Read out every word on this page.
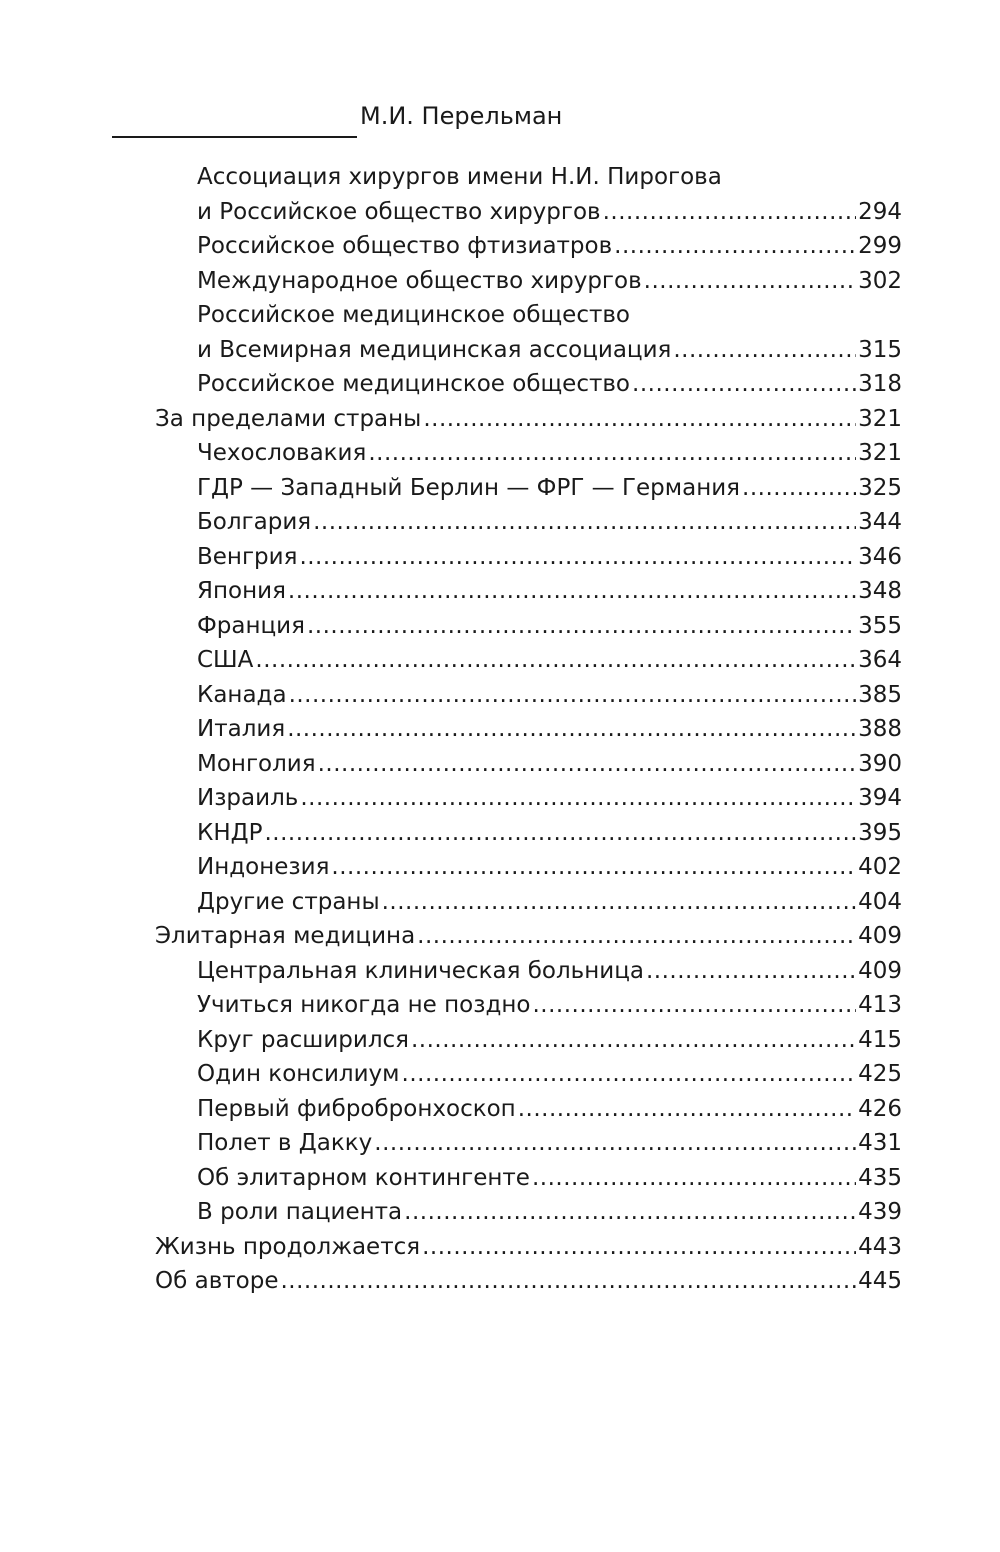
М.И. Перельман
Ассоциация хирургов имени Н.И. Пирогова
и Российское общество хирургов .....	294
Российское общество фтизиатров .....	299
Международное общество хирургов .....	302
Российское медицинское общество
и Всемирная медицинская ассоциация .....	315
Российское медицинское общество .....	318
За пределами страны .....	321
Чехословакия .....	321
ГДР — Западный Берлин — ФРГ — Германия .....	325
Болгария .....	344
Венгрия .....	346
Япония .....	348
Франция .....	355
США .....	364
Канада .....	385
Италия .....	388
Монголия .....	390
Израиль .....	394
КНДР .....	395
Индонезия .....	402
Другие страны .....	404
Элитарная медицина .....	409
Центральная клиническая больница .....	409
Учиться никогда не поздно .....	413
Круг расширился .....	415
Один консилиум .....	425
Первый фибробронхоскоп .....	426
Полет в Дакку .....	431
Об элитарном контингенте .....	435
В роли пациента .....	439
Жизнь продолжается .....	443
Об авторе .....	445
